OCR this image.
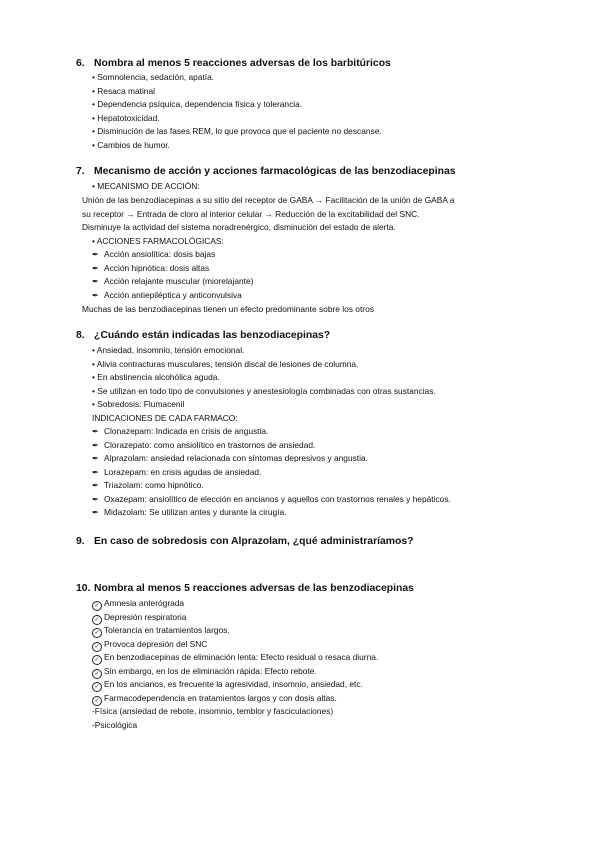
6. Nombra al menos 5 reacciones adversas de los barbitúricos
• Somnolencia, sedación, apatía.
• Resaca matinal
• Dependencia psíquica, dependencia física y tolerancia.
• Hepatotoxicidad.
• Disminución de las fases REM, lo que provoca que el paciente no descanse.
• Cambios de humor.
7. Mecanismo de acción y acciones farmacológicas de las benzodiacepinas
• MECANISMO DE ACCIÓN:
Unión de las benzodiacepinas a su sitio del receptor de GABA → Facilitación de la unión de GABA a
su receptor → Entrada de cloro al interior celular → Reducción de la excitabilidad del SNC.
Disminuye la actividad del sistema noradrenérgico, disminución del estado de alerta.
• ACCIONES FARMACOLÓGICAS:
✒ Acción ansiolítica: dosis bajas
✒ Acción hipnótica: dosis altas
✒ Acción relajante muscular (miorelajante)
✒ Acción antiepiléptica y anticonvulsiva
Muchas de las benzodiacepinas tienen un efecto predominante sobre los otros
8. ¿Cuándo están indicadas las benzodiacepinas?
• Ansiedad, insomnio, tensión emocional.
• Alivia contracturas musculares, tensión discal de lesiones de columna.
• En abstinencia alcohólica aguda.
• Se utilizan en todo tipo de convulsiones y anestesiología combinadas con otras sustancias.
• Sobredosis: Flumacenil
INDICACIONES DE CADA FARMACO:
✒ Clonazepam: Indicada en crisis de angustia.
✒ Clorazepato: como ansiolítico en trastornos de ansiedad.
✒ Alprazolam: ansiedad relacionada con síntomas depresivos y angustia.
✒ Lorazepam: en crisis agudas de ansiedad.
✒ Triazolam: como hipnótico.
✒ Oxazepam: ansiolítico de elección en ancianos y aquellos con trastornos renales y hepáticos.
✒ Midazolam: Se utilizan antes y durante la cirugía.
9. En caso de sobredosis con Alprazolam, ¿qué administraríamos?
10. Nombra al menos 5 reacciones adversas de las benzodiacepinas
✓ Amnesia anterógrada
✓ Depresión respiratoria
✓ Tolerancia en tratamientos largos.
✓ Provoca depresión del SNC
✓ En benzodiacepinas de eliminación lenta: Efecto residual o resaca diurna.
✓ Sin embargo, en los de eliminación rápida: Efecto rebote.
✓ En los ancianos, es frecuente la agresividad, insomnio, ansiedad, etc.
✓ Farmacodependencia en tratamientos largos y con dosis altas.
-Física (ansiedad de rebote, insomnio, temblor y fasciculaciones)
-Psicológica
